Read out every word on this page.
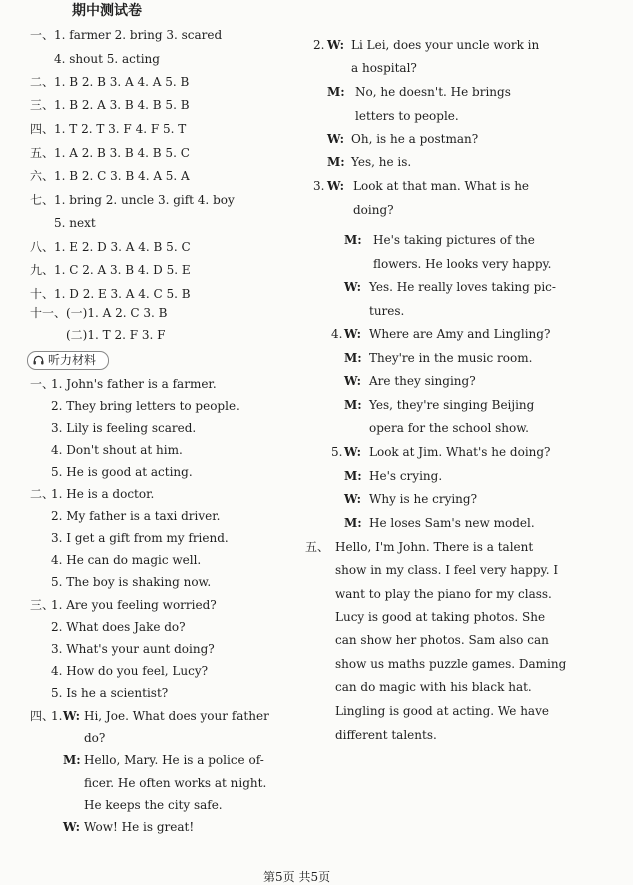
期中测试卷
一、 1. farmer 2. bring 3. scared
4. shout 5. acting
二、 1. B 2. B 3. A 4. A 5. B
三、 1. B 2. A 3. B 4. B 5. B
四、 1. T 2. T 3. F 4. F 5. T
五、 1. A 2. B 3. B 4. B 5. C
六、 1. B 2. C 3. B 4. A 5. A
七、 1. bring 2. uncle 3. gift 4. boy
5. next
八、 1. E 2. D 3. A 4. B 5. C
九、 1. C 2. A 3. B 4. D 5. E
十、 1. D 2. E 3. A 4. C 5. B
十一、 (一)1. A 2. C 3. B
(二)1. T 2. F 3. F
听力材料
一、
1. John's father is a farmer.
2. They bring letters to people.
3. Lily is feeling scared.
4. Don't shout at him.
5. He is good at acting.
二、
1. He is a doctor.
2. My father is a taxi driver.
3. I get a gift from my friend.
4. He can do magic well.
5. The boy is shaking now.
三、
1. Are you feeling worried?
2. What does Jake do?
3. What's your aunt doing?
4. How do you feel, Lucy?
5. Is he a scientist?
四、
1. W: Hi, Joe. What does your father
do?
M: Hello, Mary. He is a police of-
ficer. He often works at night.
He keeps the city safe.
W: Wow! He is great!
2. W: Li Lei, does your uncle work in
a hospital?
M: No, he doesn't. He brings
letters to people.
W: Oh, is he a postman?
M: Yes, he is.
3. W: Look at that man. What is he
doing?
M: He's taking pictures of the
flowers. He looks very happy.
W: Yes. He really loves taking pic-
tures.
4. W: Where are Amy and Lingling?
M: They're in the music room.
W: Are they singing?
M: Yes, they're singing Beijing
opera for the school show.
5. W: Look at Jim. What's he doing?
M: He's crying.
W: Why is he crying?
M: He loses Sam's new model.
五、 Hello, I'm John. There is a talent
show in my class. I feel very happy. I
want to play the piano for my class.
Lucy is good at taking photos. She
can show her photos. Sam also can
show us maths puzzle games. Daming
can do magic with his black hat.
Lingling is good at acting. We have
different talents.
第5页 共5页
